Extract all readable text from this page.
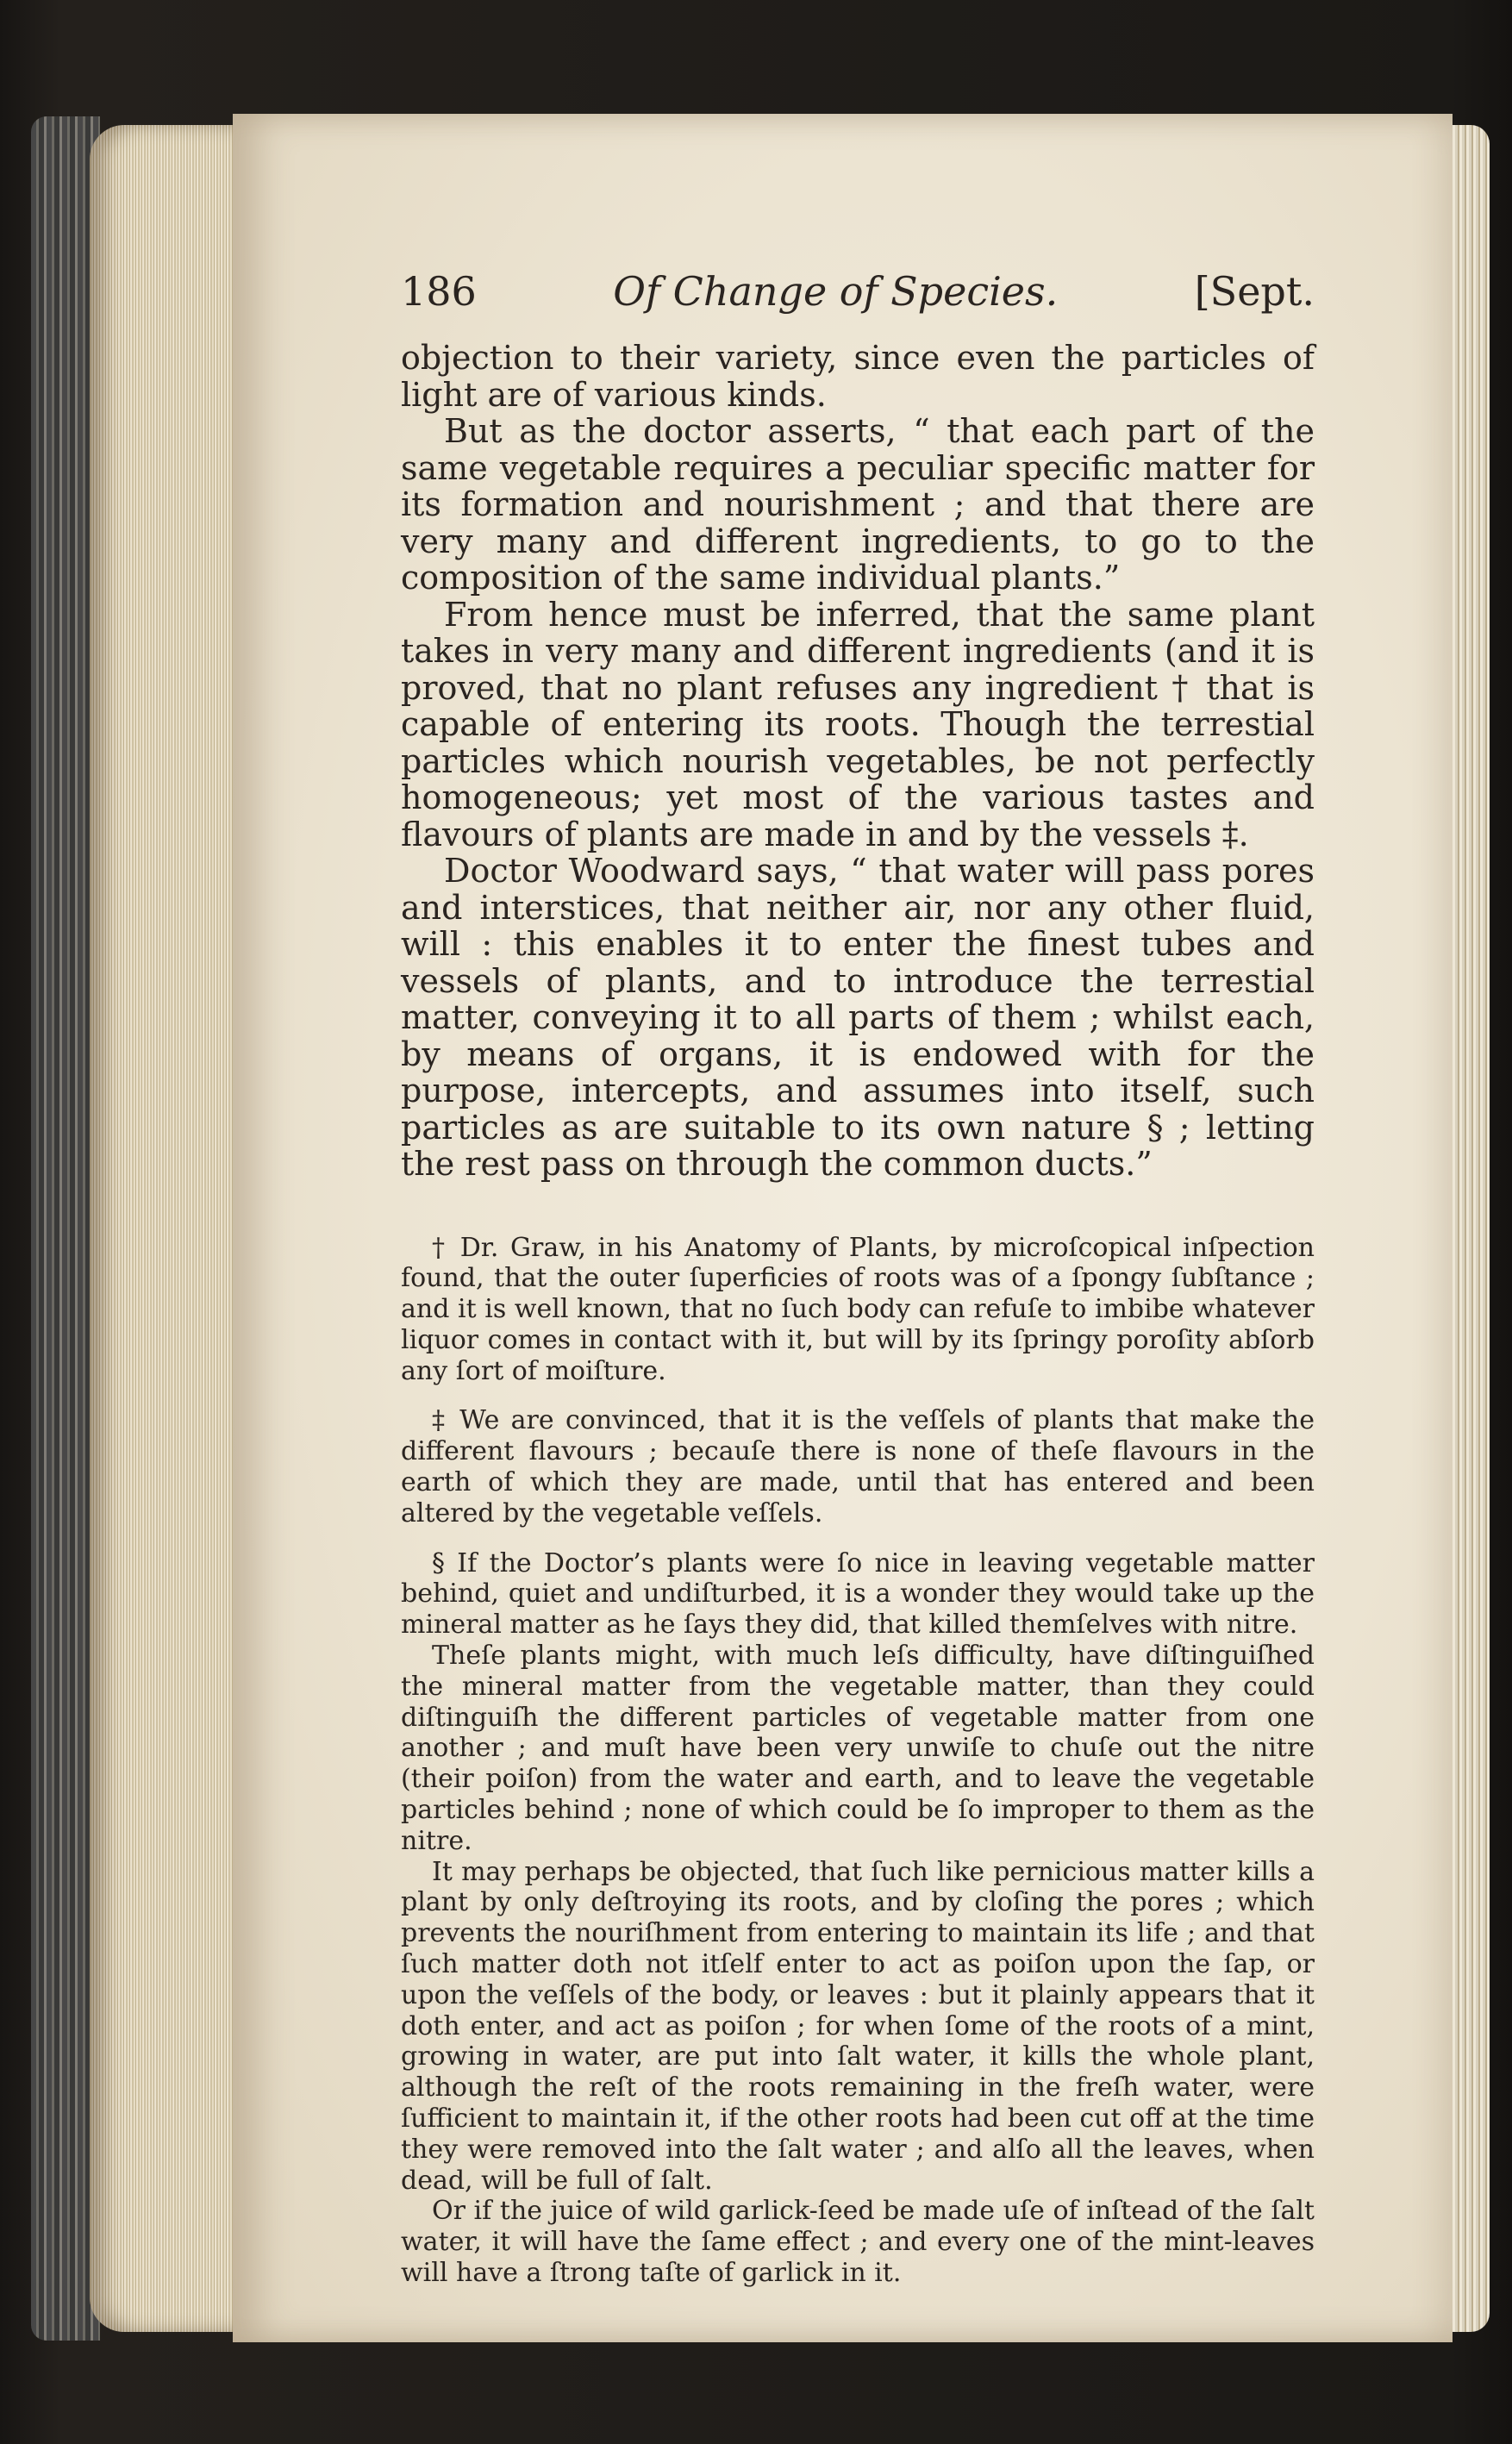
186	Of Change of Species.	[Sept.

objection to their variety, since even the particles of light are of various kinds.

But as the doctor asserts, “ that each part of the same vegetable requires a peculiar specific matter for its formation and nourishment ; and that there are very many and different ingredients, to go to the composition of the same individual plants.”

From hence must be inferred, that the same plant takes in very many and different ingredients (and it is proved, that no plant refuses any ingredient † that is capable of entering its roots. Though the terrestial particles which nourish vegetables, be not perfectly homogeneous; yet most of the various tastes and flavours of plants are made in and by the vessels ‡.

Doctor Woodward says, “ that water will pass pores and interstices, that neither air, nor any other fluid, will : this enables it to enter the finest tubes and vessels of plants, and to introduce the terrestial matter, conveying it to all parts of them ; whilst each, by means of organs, it is endowed with for the purpose, intercepts, and assumes into itself, such particles as are suitable to its own nature § ; letting the rest pass on through the common ducts.”

† Dr. Graw, in his Anatomy of Plants, by microſcopical inſpection found, that the outer ſuperficies of roots was of a ſpongy ſubſtance ; and it is well known, that no ſuch body can refuſe to imbibe whatever liquor comes in contact with it, but will by its ſpringy poroſity abſorb any ſort of moiſture.

‡ We are convinced, that it is the veſſels of plants that make the different flavours ; becauſe there is none of theſe flavours in the earth of which they are made, until that has entered and been altered by the vegetable veſſels.

§ If the Doctor’s plants were ſo nice in leaving vegetable matter behind, quiet and undiſturbed, it is a wonder they would take up the mineral matter as he ſays they did, that killed themſelves with nitre.

Theſe plants might, with much leſs difficulty, have diſtinguiſhed the mineral matter from the vegetable matter, than they could diſtinguiſh the different particles of vegetable matter from one another ; and muſt have been very unwiſe to chuſe out the nitre (their poiſon) from the water and earth, and to leave the vegetable particles behind ; none of which could be ſo improper to them as the nitre.

It may perhaps be objected, that ſuch like pernicious matter kills a plant by only deſtroying its roots, and by cloſing the pores ; which prevents the nouriſhment from entering to maintain its life ; and that ſuch matter doth not itſelf enter to act as poiſon upon the ſap, or upon the veſſels of the body, or leaves : but it plainly appears that it doth enter, and act as poiſon ; for when ſome of the roots of a mint, growing in water, are put into ſalt water, it kills the whole plant, although the reſt of the roots remaining in the freſh water, were ſufficient to maintain it, if the other roots had been cut off at the time they were removed into the ſalt water ; and alſo all the leaves, when dead, will be full of ſalt.

Or if the juice of wild garlick-ſeed be made uſe of inſtead of the ſalt water, it will have the ſame effect ; and every one of the mint-leaves will have a ſtrong taſte of garlick in it.
